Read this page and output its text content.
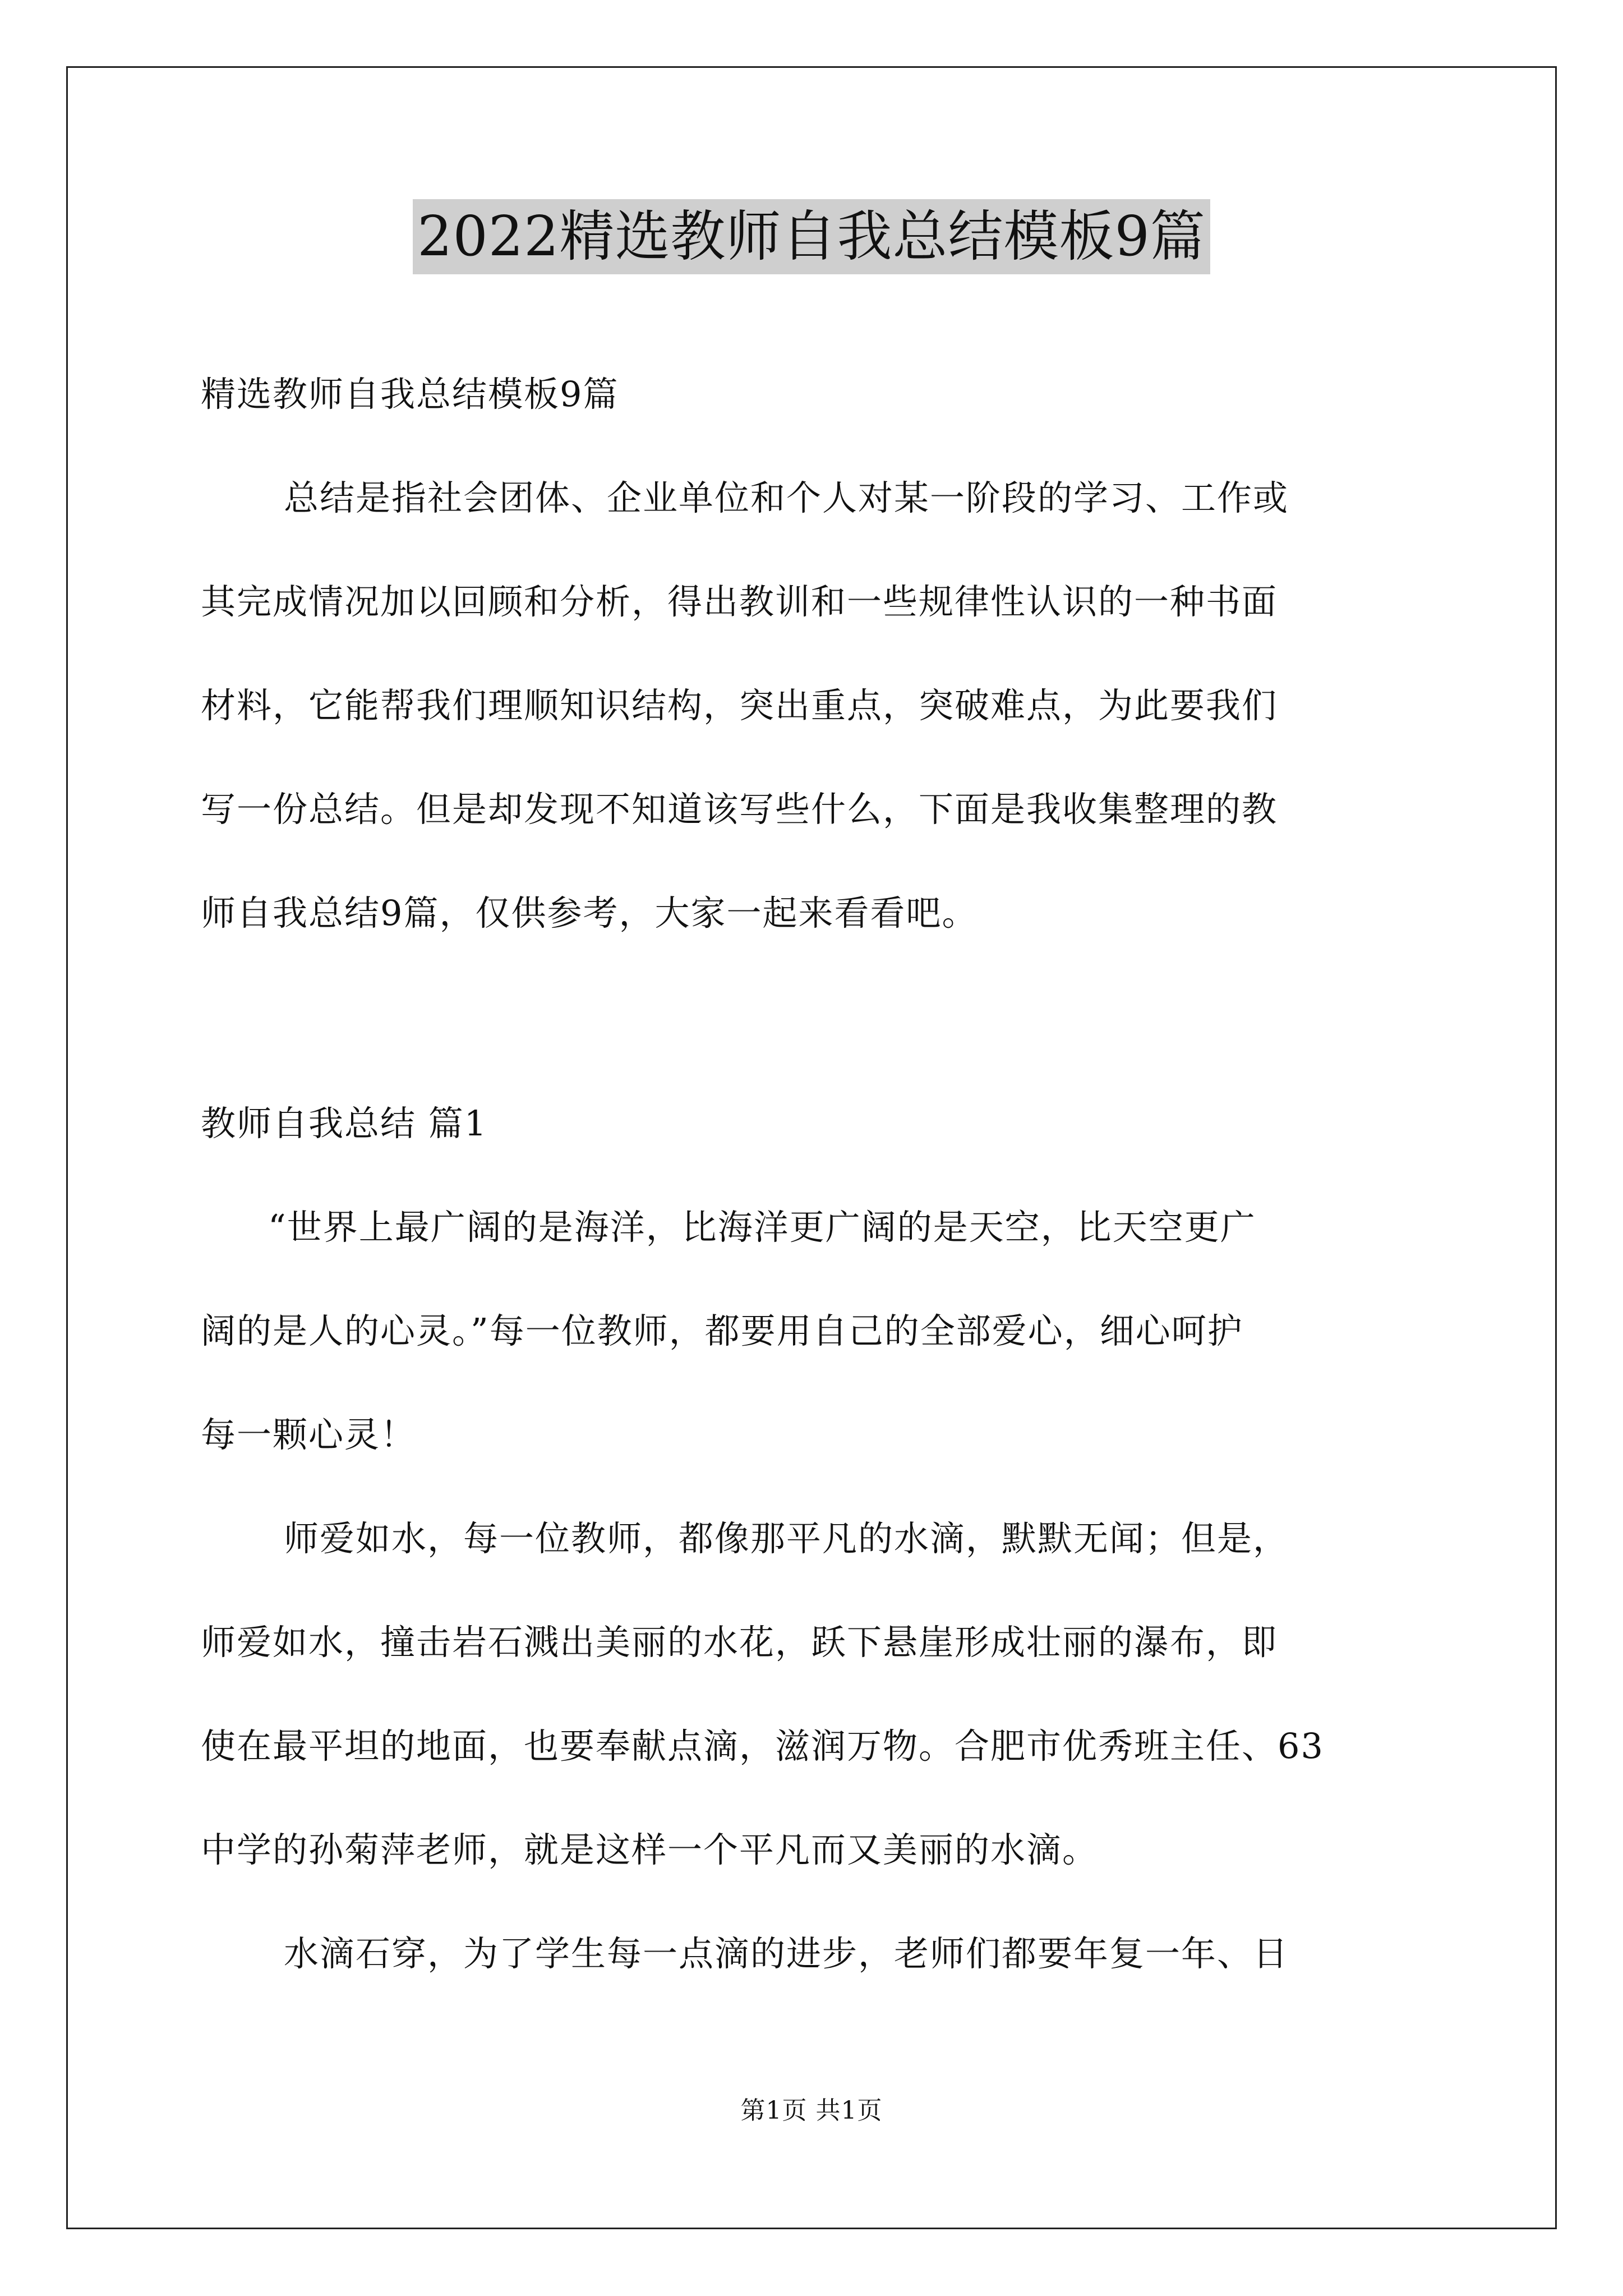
2022精选教师自我总结模板9篇

精选教师自我总结模板9篇

总结是指社会团体、企业单位和个人对某一阶段的学习、工作或

其完成情况加以回顾和分析，得出教训和一些规律性认识的一种书面

材料，它能帮我们理顺知识结构，突出重点，突破难点，为此要我们

写一份总结。但是却发现不知道该写些什么，下面是我收集整理的教

师自我总结9篇，仅供参考，大家一起来看看吧。

教师自我总结 篇1

“世界上最广阔的是海洋，比海洋更广阔的是天空，比天空更广

阔的是人的心灵。”每一位教师，都要用自己的全部爱心，细心呵护

每一颗心灵！

师爱如水，每一位教师，都像那平凡的水滴，默默无闻；但是，

师爱如水，撞击岩石溅出美丽的水花，跃下悬崖形成壮丽的瀑布，即

使在最平坦的地面，也要奉献点滴，滋润万物。合肥市优秀班主任、63

中学的孙菊萍老师，就是这样一个平凡而又美丽的水滴。

水滴石穿，为了学生每一点滴的进步，老师们都要年复一年、日

第1页 共1页
